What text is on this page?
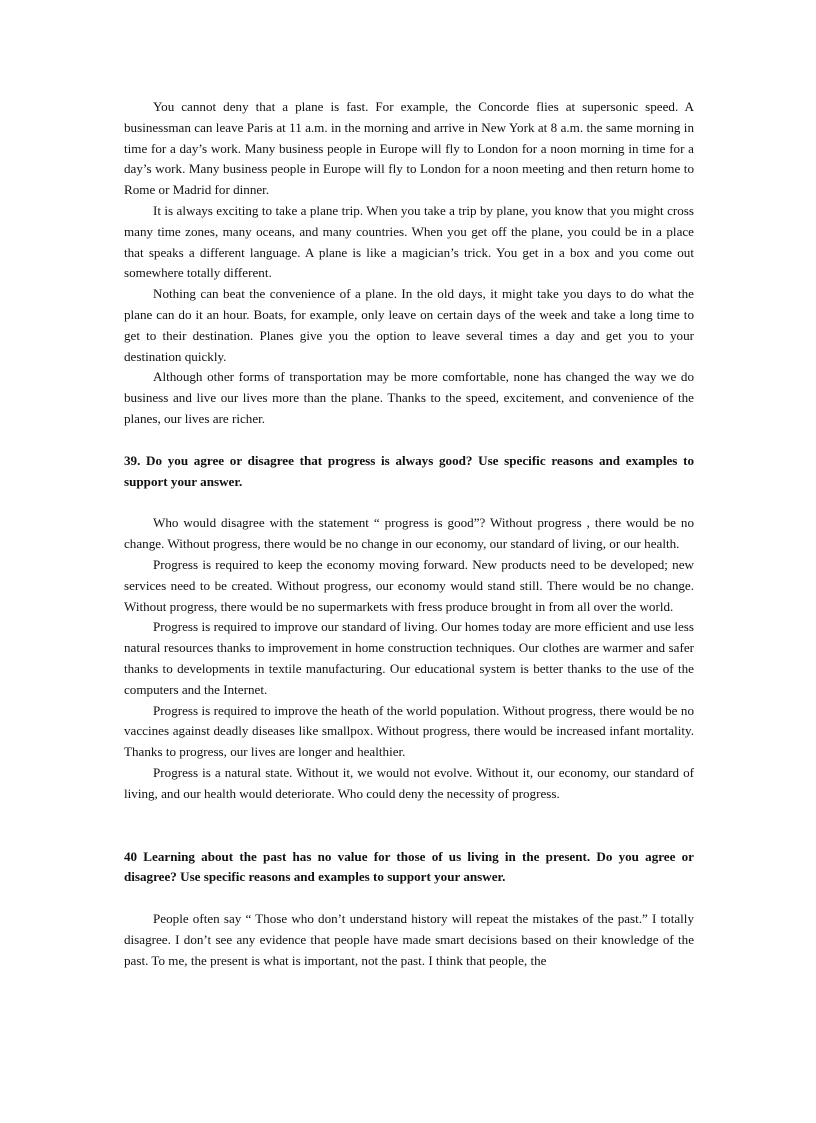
You cannot deny that a plane is fast. For example, the Concorde flies at supersonic speed. A businessman can leave Paris at 11 a.m. in the morning and arrive in New York at 8 a.m. the same morning in time for a day’s work. Many business people in Europe will fly to London for a noon morning in time for a day’s work. Many business people in Europe will fly to London for a noon meeting and then return home to Rome or Madrid for dinner.

It is always exciting to take a plane trip. When you take a trip by plane, you know that you might cross many time zones, many oceans, and many countries. When you get off the plane, you could be in a place that speaks a different language. A plane is like a magician’s trick. You get in a box and you come out somewhere totally different.

Nothing can beat the convenience of a plane. In the old days, it might take you days to do what the plane can do it an hour. Boats, for example, only leave on certain days of the week and take a long time to get to their destination. Planes give you the option to leave several times a day and get you to your destination quickly.

Although other forms of transportation may be more comfortable, none has changed the way we do business and live our lives more than the plane. Thanks to the speed, excitement, and convenience of the planes, our lives are richer.

39. Do you agree or disagree that progress is always good? Use specific reasons and examples to support your answer.

Who would disagree with the statement “ progress is good”? Without progress , there would be no change. Without progress, there would be no change in our economy, our standard of living, or our health.

Progress is required to keep the economy moving forward. New products need to be developed; new services need to be created. Without progress, our economy would stand still. There would be no change. Without progress, there would be no supermarkets with fress produce brought in from all over the world.

Progress is required to improve our standard of living. Our homes today are more efficient and use less natural resources thanks to improvement in home construction techniques. Our clothes are warmer and safer thanks to developments in textile manufacturing. Our educational system is better thanks to the use of the computers and the Internet.

Progress is required to improve the heath of the world population. Without progress, there would be no vaccines against deadly diseases like smallpox. Without progress, there would be increased infant mortality. Thanks to progress, our lives are longer and healthier.

Progress is a natural state. Without it, we would not evolve. Without it, our economy, our standard of living, and our health would deteriorate. Who could deny the necessity of progress.

40 Learning about the past has no value for those of us living in the present. Do you agree or disagree? Use specific reasons and examples to support your answer.

People often say “ Those who don’t understand history will repeat the mistakes of the past.” I totally disagree. I don’t see any evidence that people have made smart decisions based on their knowledge of the past. To me, the present is what is important, not the past. I think that people, the
